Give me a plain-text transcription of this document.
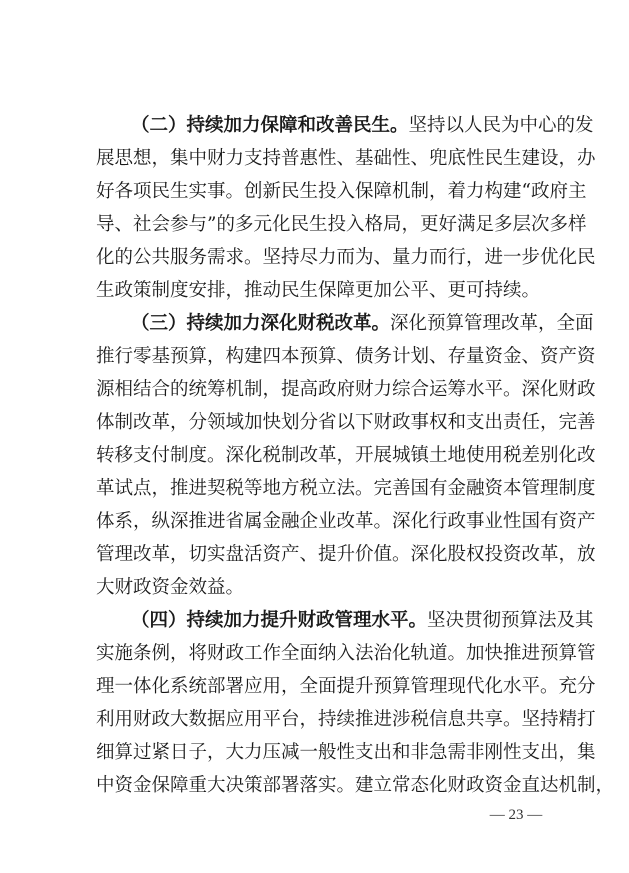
（二）持续加力保障和改善民生。坚持以人民为中心的发
展思想，集中财力支持普惠性、基础性、兜底性民生建设，办
好各项民生实事。创新民生投入保障机制，着力构建“政府主
导、社会参与”的多元化民生投入格局，更好满足多层次多样
化的公共服务需求。坚持尽力而为、量力而行，进一步优化民
生政策制度安排，推动民生保障更加公平、更可持续。
（三）持续加力深化财税改革。深化预算管理改革，全面
推行零基预算，构建四本预算、债务计划、存量资金、资产资
源相结合的统筹机制，提高政府财力综合运筹水平。深化财政
体制改革，分领域加快划分省以下财政事权和支出责任，完善
转移支付制度。深化税制改革，开展城镇土地使用税差别化改
革试点，推进契税等地方税立法。完善国有金融资本管理制度
体系，纵深推进省属金融企业改革。深化行政事业性国有资产
管理改革，切实盘活资产、提升价值。深化股权投资改革，放
大财政资金效益。
（四）持续加力提升财政管理水平。坚决贯彻预算法及其
实施条例，将财政工作全面纳入法治化轨道。加快推进预算管
理一体化系统部署应用，全面提升预算管理现代化水平。充分
利用财政大数据应用平台，持续推进涉税信息共享。坚持精打
细算过紧日子，大力压减一般性支出和非急需非刚性支出，集
中资金保障重大决策部署落实。建立常态化财政资金直达机制，
— 23 —
